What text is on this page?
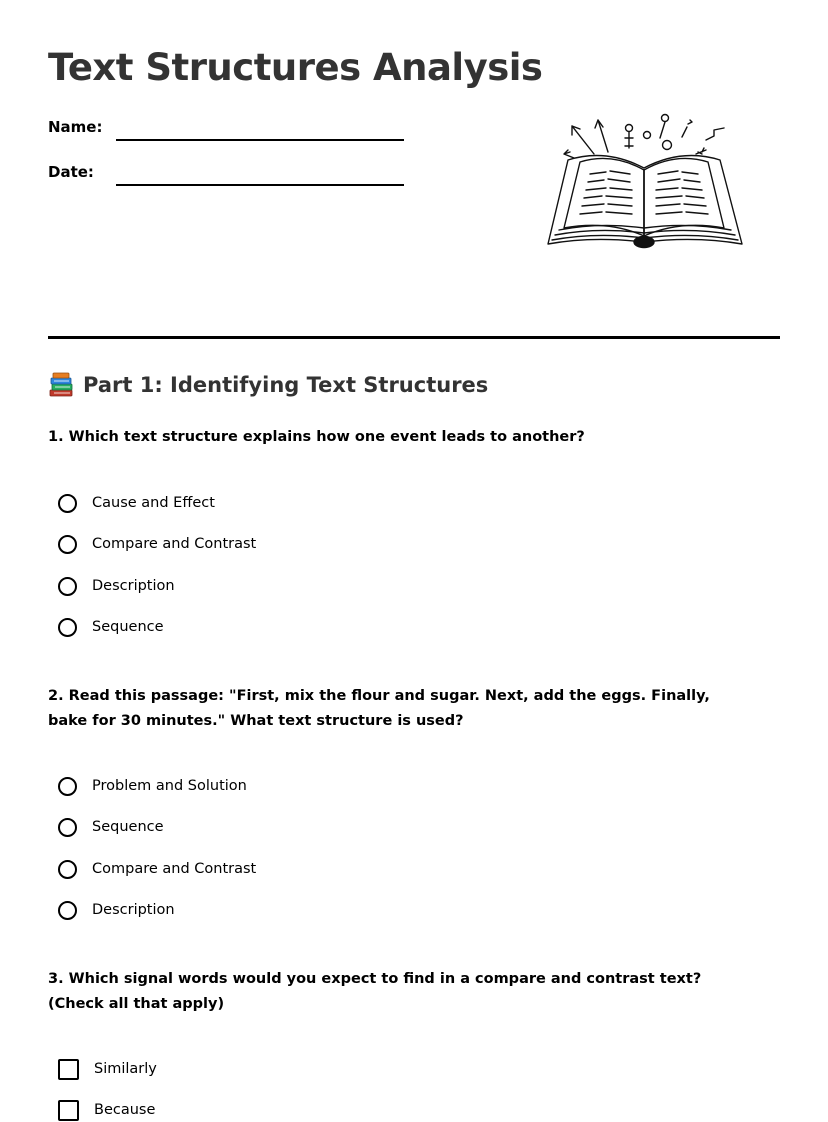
Text Structures Analysis
Name:
Date:
Part 1: Identifying Text Structures

1. Which text structure explains how one event leads to another?

Cause and Effect
Compare and Contrast
Description
Sequence

2. Read this passage: "First, mix the flour and sugar. Next, add the eggs. Finally, bake for 30 minutes." What text structure is used?

Problem and Solution
Sequence
Compare and Contrast
Description

3. Which signal words would you expect to find in a compare and contrast text? (Check all that apply)

Similarly
Because
